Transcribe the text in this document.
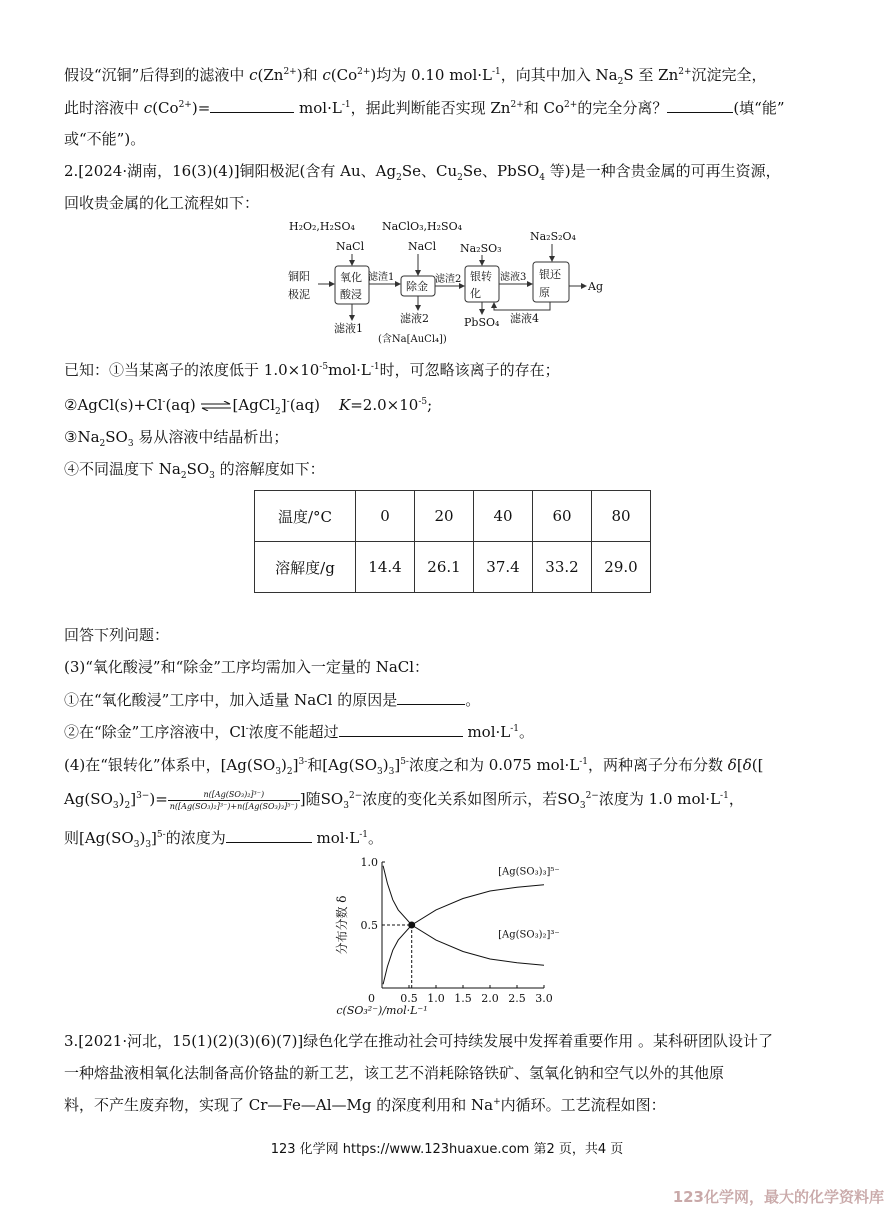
假设“沉铜”后得到的滤液中 $c(Zn^{2+})$和 $c(Co^{2+})$均为 0.10 $mol\cdot L^{-1}$，向其中加入 $Na_2S$ 至 $Zn^{2+}$沉淀完全，
此时溶液中 $c(Co^{2+})=$	$mol\cdot L^{-1}$，据此判断能否实现 $Zn^{2+}$和 $Co^{2+}$的完全分离？	(填“能”
或“不能”)。
2.[2024·湖南，16(3)(4)]铜阳极泥(含有 Au、$Ag_2Se$、$Cu_2Se$、PbSO$_4$ 等)是一种含贵金属的可再生资源，
回收贵金属的化工流程如下：
铜阳
极泥
氧化
酸浸
H₂O₂,H₂SO₄
NaCl
滤液1
滤渣1
除金
NaClO₃,H₂SO₄
NaCl
滤液2
(含Na[AuCl₄])
滤渣2 银转
化
Na₂SO₃
PbSO₄
滤液3 银还
原
Na₂S₂O₄
Ag
滤液4
已知：①当某离子的浓度低于 $1.0\times 10^{-5}mol\cdot L^{-1}$时，可忽略该离子的存在；
②AgCl(s)+Cl-(aq) ⇌[AgCl$_2$]-(aq) $K=2.0\times 10^{-5}$;
$③Na_2SO_3$ 易从溶液中结晶析出；
④不同温度下 $Na_2SO_3$ 的溶解度如下：
温度/°C	0	20	40	60	80
溶解度/g	14.4	26.1	37.4	33.2	29.0
回答下列问题：
(3)“氧化酸浸”和“除金”工序均需加入一定量的 NaCl：
①在“氧化酸浸”工序中，加入适量 NaCl 的原因是	。
②在“除金”工序溶液中，Cl-浓度不能超过	$mol\cdot L^{-1}$。
(4)在“银转化”体系中，$[Ag(SO_3)_2]^{3-}$和$[Ag(SO_3)_3]^{5-}$浓度之和为 0.075 $mol\cdot L^{-1}$，两种离子分布分数 δ[δ([
$Ag(SO_3)_2]^{3-})= \frac{\text{n([Ag(SO₃)₂]³⁻)}}{\text{n([Ag(SO₃)₂]³⁻)+n([Ag(SO₃)₃]⁵⁻)}}$ ]随$SO_3^{2-}$浓度的变化关系如图所示，若$SO_3^{2-}$浓度为 1.0 $mol\cdot L^{-1}$，
则$[Ag(SO_3)_3]^{5-}$的浓度为	$mol\cdot L^{-1}$。
0 0.5 1.0 1.5 2.0 2.5 3.0
0.5
1.0
c(SO₃²⁻)/mol·L⁻¹
分布分数 δ
[Ag(SO₃)₃]⁵⁻
[Ag(SO₃)₂]³⁻
3.[2021·河北，15(1)(2)(3)(6)(7)]绿色化学在推动社会可持续发展中发挥着重要作用 。某科研团队设计了
一种熔盐液相氧化法制备高价铬盐的新工艺，该工艺不消耗除铬铁矿、氢氧化钠和空气以外的其他原
料，不产生废弃物，实现了 Cr—Fe—Al—Mg 的深度利用和 Na+内循环。工艺流程如图：
123 化学网 https://www.123huaxue.com 第2 页，共4 页
123化学网，最大的化学资料库
